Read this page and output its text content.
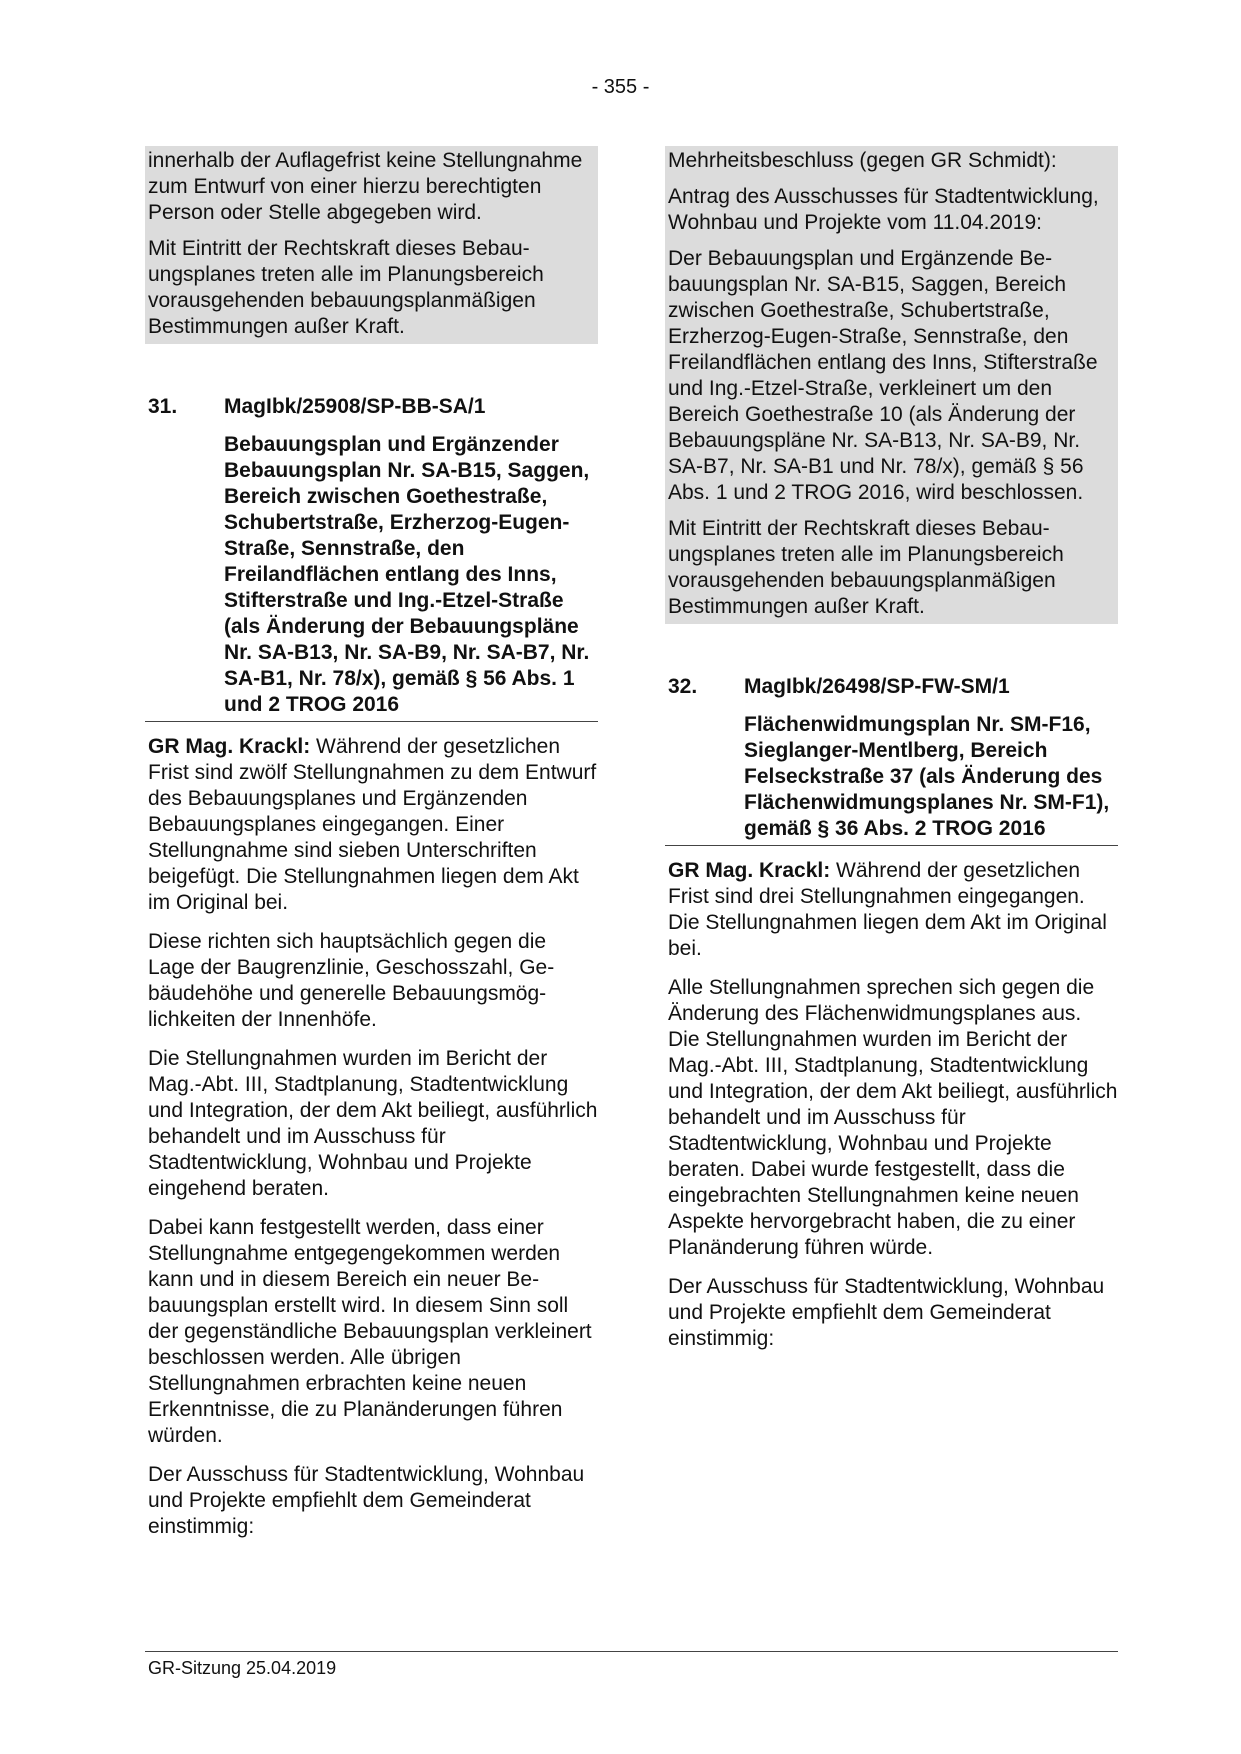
- 355 -

innerhalb der Auflagefrist keine Stellungnahme zum Entwurf von einer hierzu berechtigten Person oder Stelle abgegeben wird.

Mit Eintritt der Rechtskraft dieses Bebauungsplanes treten alle im Planungsbereich vorausgehenden bebauungsplanmäßigen Bestimmungen außer Kraft.

31.	MagIbk/25908/SP-BB-SA/1
Bebauungsplan und Ergänzender Bebauungsplan Nr. SA-B15, Saggen, Bereich zwischen Goethestraße, Schubertstraße, Erzherzog-Eugen-Straße, Sennstraße, den Freilandflächen entlang des Inns, Stifterstraße und Ing.-Etzel-Straße (als Änderung der Bebauungspläne Nr. SA-B13, Nr. SA-B9, Nr. SA-B7, Nr. SA-B1, Nr. 78/x), gemäß § 56 Abs. 1 und 2 TROG 2016

GR Mag. Krackl: Während der gesetzlichen Frist sind zwölf Stellungnahmen zu dem Entwurf des Bebauungsplanes und Ergänzenden Bebauungsplanes eingegangen. Einer Stellungnahme sind sieben Unterschriften beigefügt. Die Stellungnahmen liegen dem Akt im Original bei.

Diese richten sich hauptsächlich gegen die Lage der Baugrenzlinie, Geschosszahl, Gebäudehöhe und generelle Bebauungsmöglichkeiten der Innenhöfe.

Die Stellungnahmen wurden im Bericht der Mag.-Abt. III, Stadtplanung, Stadtentwicklung und Integration, der dem Akt beiliegt, ausführlich behandelt und im Ausschuss für Stadtentwicklung, Wohnbau und Projekte eingehend beraten.

Dabei kann festgestellt werden, dass einer Stellungnahme entgegengekommen werden kann und in diesem Bereich ein neuer Bebauungsplan erstellt wird. In diesem Sinn soll der gegenständliche Bebauungsplan verkleinert beschlossen werden. Alle übrigen Stellungnahmen erbrachten keine neuen Erkenntnisse, die zu Planänderungen führen würden.

Der Ausschuss für Stadtentwicklung, Wohnbau und Projekte empfiehlt dem Gemeinderat einstimmig:

Mehrheitsbeschluss (gegen GR Schmidt):

Antrag des Ausschusses für Stadtentwicklung, Wohnbau und Projekte vom 11.04.2019:

Der Bebauungsplan und Ergänzende Bebauungsplan Nr. SA-B15, Saggen, Bereich zwischen Goethestraße, Schubertstraße, Erzherzog-Eugen-Straße, Sennstraße, den Freilandflächen entlang des Inns, Stifterstraße und Ing.-Etzel-Straße, verkleinert um den Bereich Goethestraße 10 (als Änderung der Bebauungspläne Nr. SA-B13, Nr. SA-B9, Nr. SA-B7, Nr. SA-B1 und Nr. 78/x), gemäß § 56 Abs. 1 und 2 TROG 2016, wird beschlossen.

Mit Eintritt der Rechtskraft dieses Bebauungsplanes treten alle im Planungsbereich vorausgehenden bebauungsplanmäßigen Bestimmungen außer Kraft.

32.	MagIbk/26498/SP-FW-SM/1
Flächenwidmungsplan Nr. SM-F16, Sieglanger-Mentlberg, Bereich Felseckstraße 37 (als Änderung des Flächenwidmungsplanes Nr. SM-F1), gemäß § 36 Abs. 2 TROG 2016

GR Mag. Krackl: Während der gesetzlichen Frist sind drei Stellungnahmen eingegangen. Die Stellungnahmen liegen dem Akt im Original bei.

Alle Stellungnahmen sprechen sich gegen die Änderung des Flächenwidmungsplanes aus. Die Stellungnahmen wurden im Bericht der Mag.-Abt. III, Stadtplanung, Stadtentwicklung und Integration, der dem Akt beiliegt, ausführlich behandelt und im Ausschuss für Stadtentwicklung, Wohnbau und Projekte beraten. Dabei wurde festgestellt, dass die eingebrachten Stellungnahmen keine neuen Aspekte hervorgebracht haben, die zu einer Planänderung führen würde.

Der Ausschuss für Stadtentwicklung, Wohnbau und Projekte empfiehlt dem Gemeinderat einstimmig:

GR-Sitzung 25.04.2019
